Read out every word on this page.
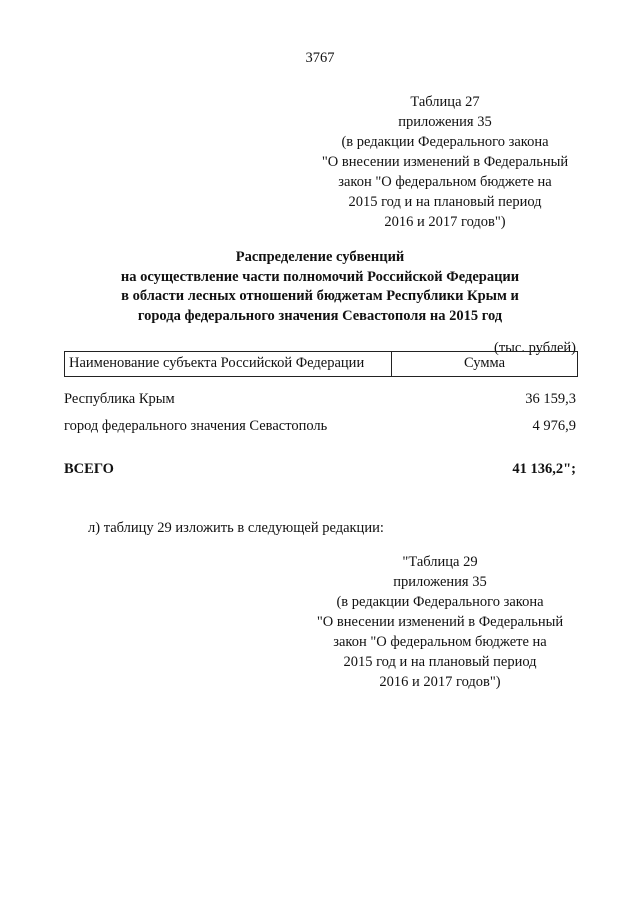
3767
Таблица 27
приложения 35
(в редакции Федерального закона
"О внесении изменений в Федеральный
закон "О федеральном бюджете на
2015 год и на плановый период
2016 и 2017 годов")
Распределение субвенций
на осуществление части полномочий Российской Федерации
в области лесных отношений бюджетам Республики Крым и
города федерального значения Севастополя на 2015 год
(тыс. рублей)
Наименование субъекта Российской Федерации	Сумма
Республика Крым	36 159,3
город федерального значения Севастополь	4 976,9
ВСЕГО	41 136,2";
л) таблицу 29 изложить в следующей редакции:
"Таблица 29
приложения 35
(в редакции Федерального закона
"О внесении изменений в Федеральный
закон "О федеральном бюджете на
2015 год и на плановый период
2016 и 2017 годов")
